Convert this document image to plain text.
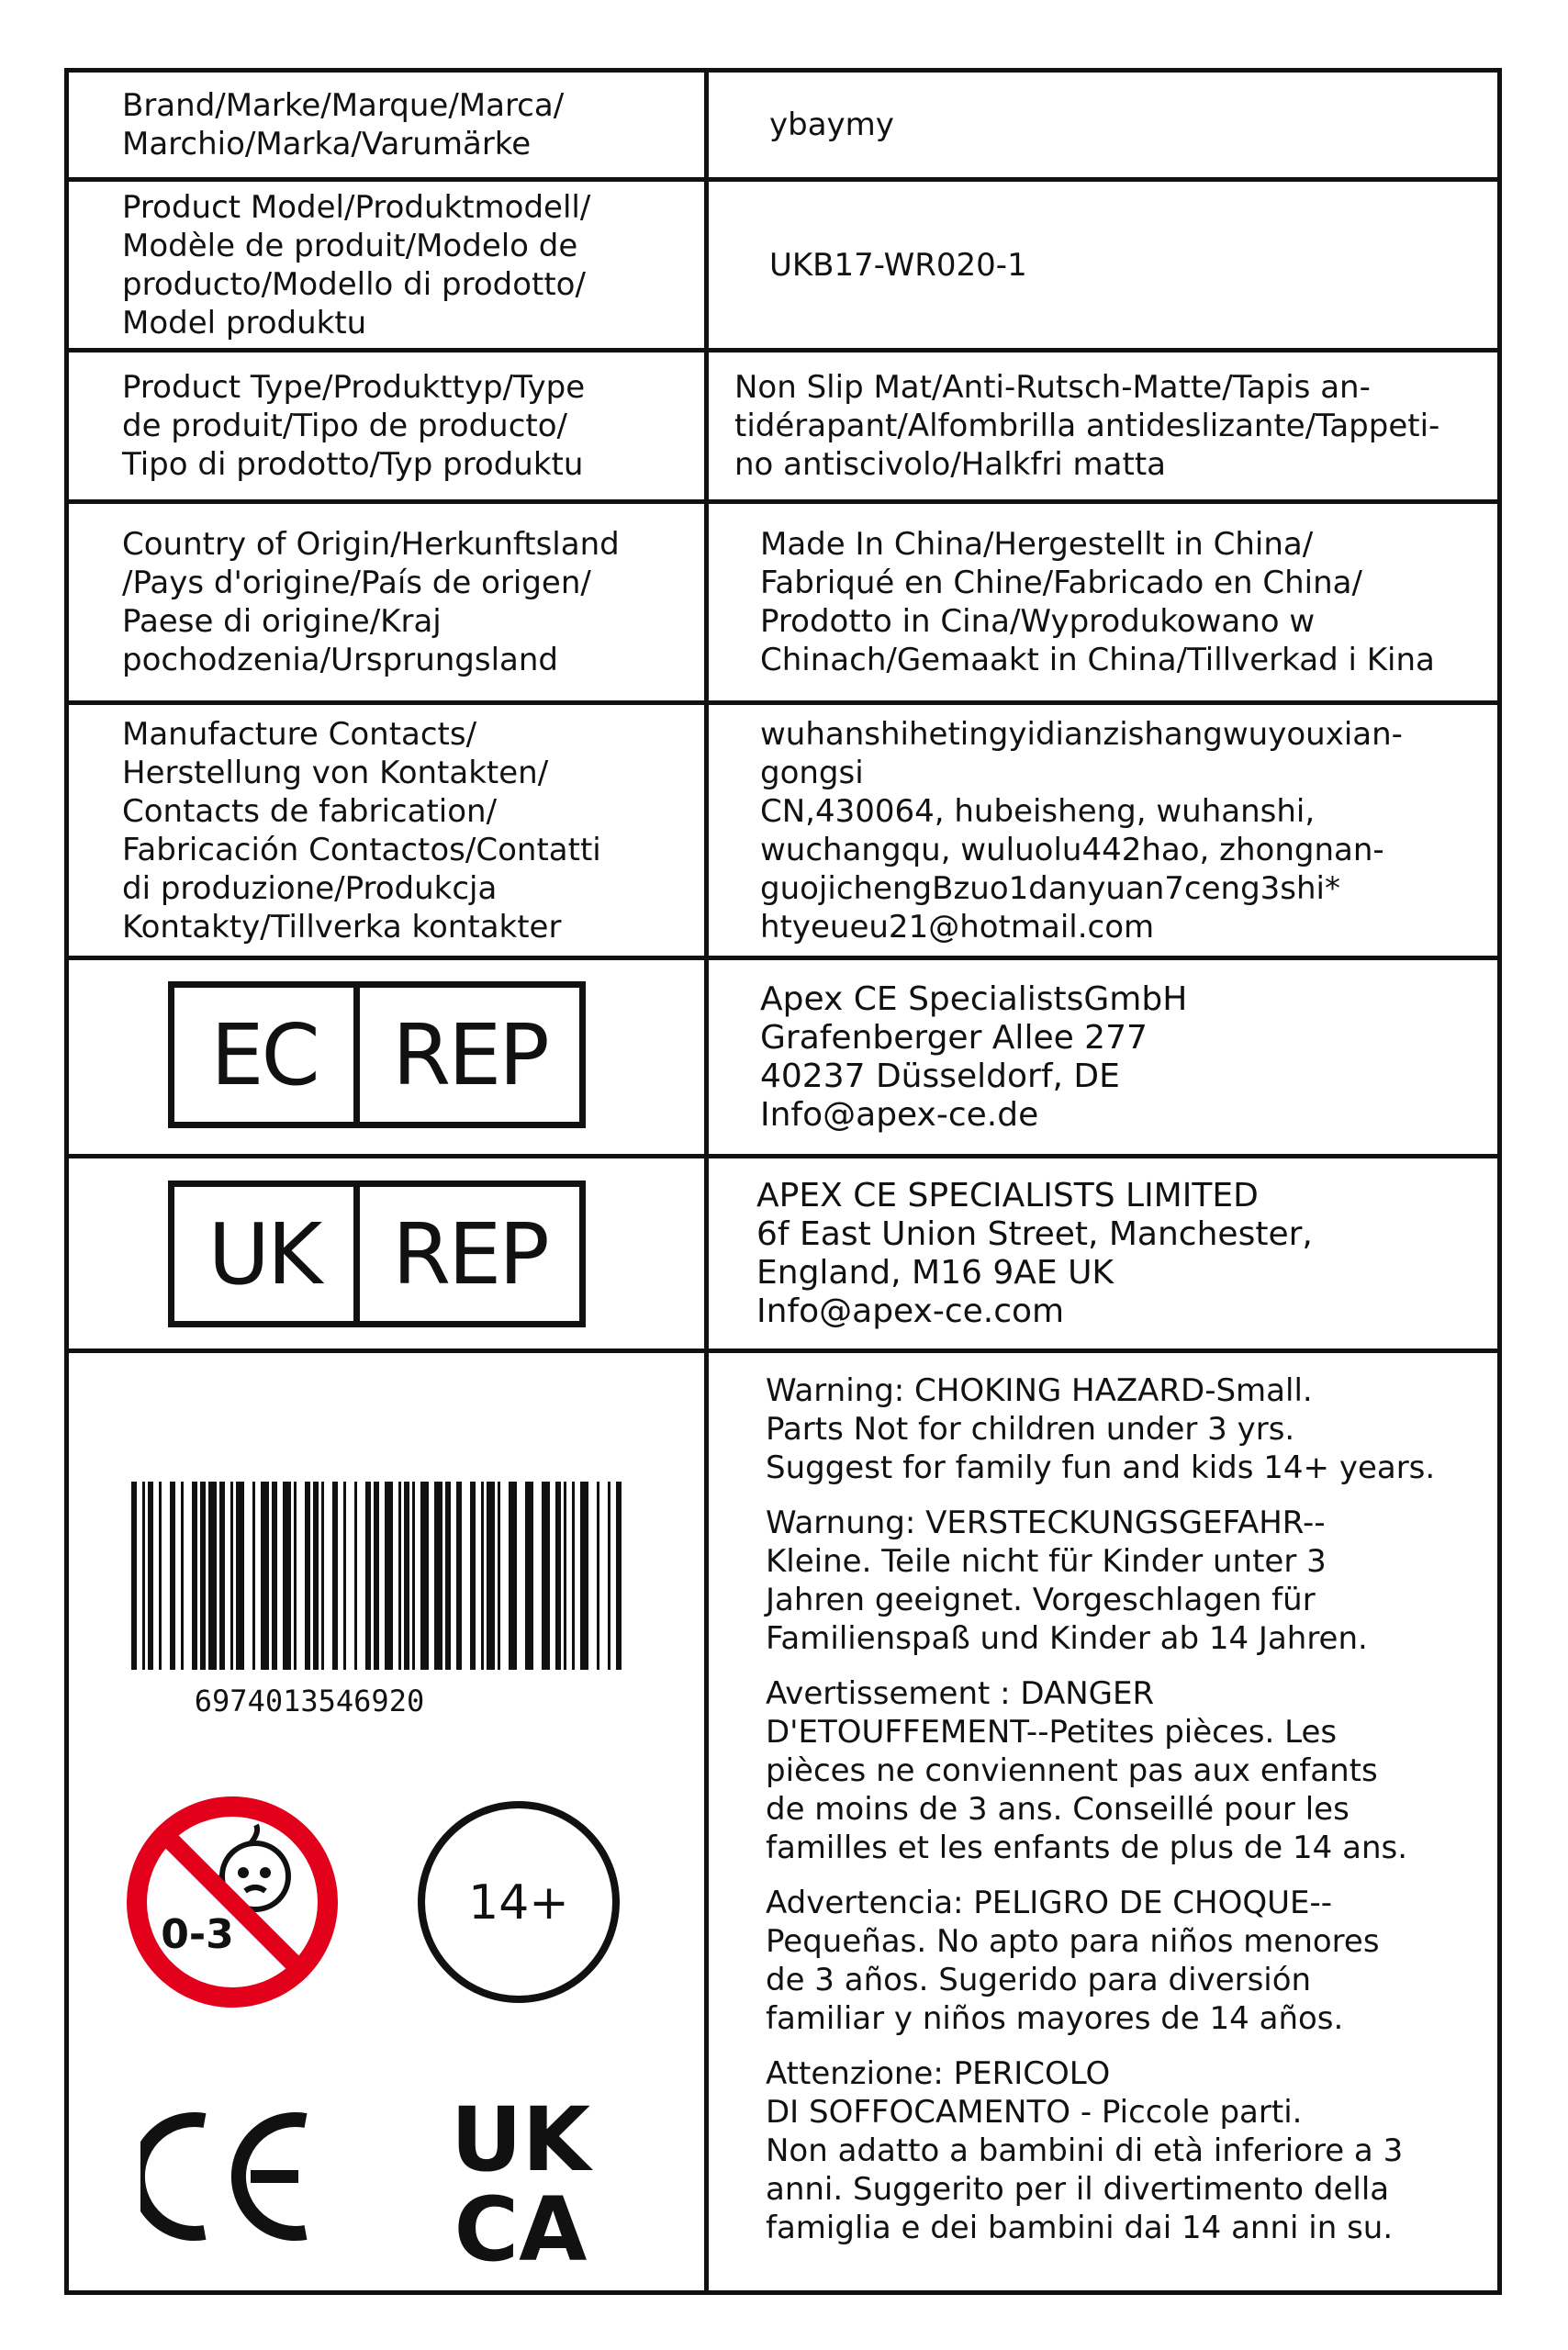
Brand/Marke/Marque/Marca/
Marchio/Marka/Varumärke
ybaymy
Product Model/Produktmodell/
Modèle de produit/Modelo de
producto/Modello di prodotto/
Model produktu
UKB17-WR020-1
Product Type/Produkttyp/Type
de produit/Tipo de producto/
Tipo di prodotto/Typ produktu
Non Slip Mat/Anti-Rutsch-Matte/Tapis an-
tidérapant/Alfombrilla antideslizante/Tappeti-
no antiscivolo/Halkfri matta
Country of Origin/Herkunftsland
/Pays d'origine/País de origen/
Paese di origine/Kraj
pochodzenia/Ursprungsland
Made In China/Hergestellt in China/
Fabriqué en Chine/Fabricado en China/
Prodotto in Cina/Wyprodukowano w
Chinach/Gemaakt in China/Tillverkad i Kina
Manufacture Contacts/
Herstellung von Kontakten/
Contacts de fabrication/
Fabricación Contactos/Contatti
di produzione/Produkcja
Kontakty/Tillverka kontakter
wuhanshihetingyidianzishangwuyouxian-
gongsi
CN,430064, hubeisheng, wuhanshi,
wuchangqu, wuluolu442hao, zhongnan-
guojichengBzuo1danyuan7ceng3shi*
htyeueu21@hotmail.com
EC REP
Apex CE SpecialistsGmbH
Grafenberger Allee 277
40237 Düsseldorf, DE
Info@apex-ce.de
UK REP
APEX CE SPECIALISTS LIMITED
6f East Union Street, Manchester,
England, M16 9AE UK
Info@apex-ce.com
6974013546920
0-3
14+
UK
CA

Warning: CHOKING HAZARD-Small.
Parts Not for children under 3 yrs.
Suggest for family fun and kids 14+ years.

Warnung: VERSTECKUNGSGEFAHR--
Kleine. Teile nicht für Kinder unter 3
Jahren geeignet. Vorgeschlagen für
Familienspaß und Kinder ab 14 Jahren.

Avertissement : DANGER
D'ETOUFFEMENT--Petites pièces. Les
pièces ne conviennent pas aux enfants
de moins de 3 ans. Conseillé pour les
familles et les enfants de plus de 14 ans.

Advertencia: PELIGRO DE CHOQUE--
Pequeñas. No apto para niños menores
de 3 años. Sugerido para diversión
familiar y niños mayores de 14 años.

Attenzione: PERICOLO
DI SOFFOCAMENTO - Piccole parti.
Non adatto a bambini di età inferiore a 3
anni. Suggerito per il divertimento della
famiglia e dei bambini dai 14 anni in su.
